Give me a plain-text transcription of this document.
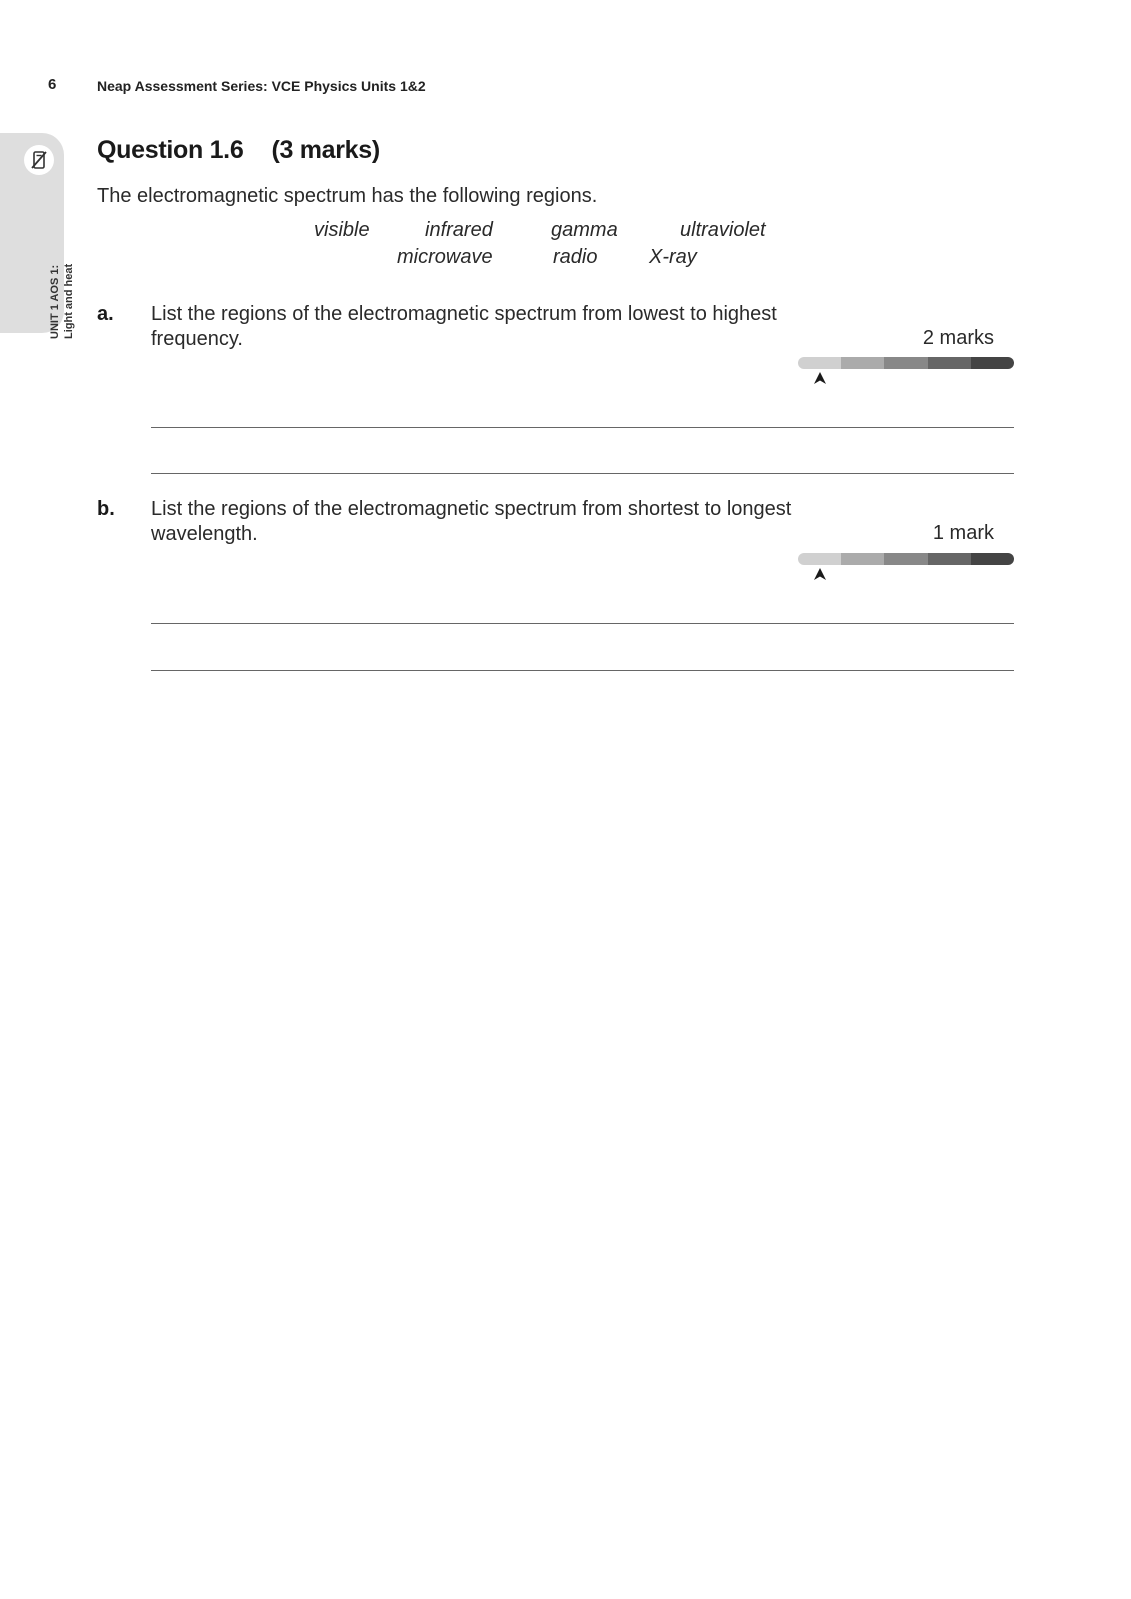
6	Neap Assessment Series: VCE Physics Units 1&2
UNIT 1 AOS 1: Light and heat
Question 1.6 (3 marks)
The electromagnetic spectrum has the following regions.
visible	infrared	gamma	ultraviolet
microwave	radio	X-ray
a. List the regions of the electromagnetic spectrum from lowest to highest frequency.	2 marks
b. List the regions of the electromagnetic spectrum from shortest to longest wavelength.	1 mark
